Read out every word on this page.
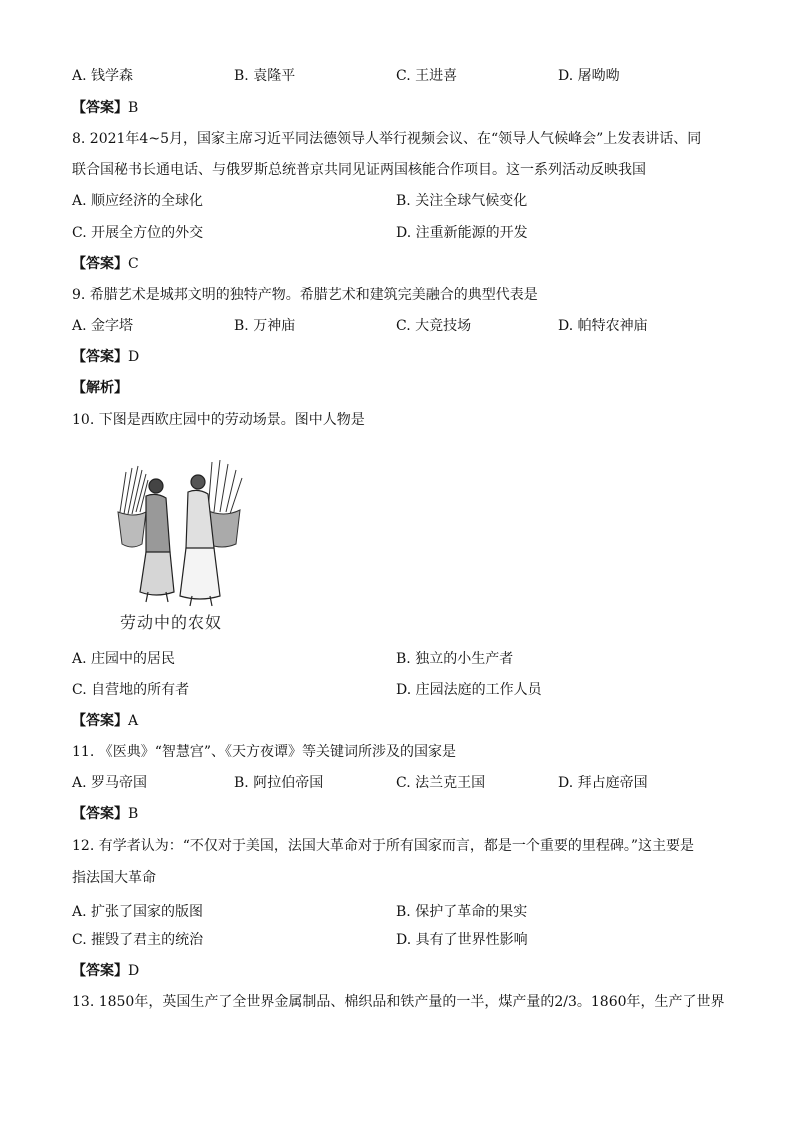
A. 钱学森	B. 袁隆平	C. 王进喜	D. 屠呦呦
【答案】B
8. 2021年4~5月，国家主席习近平同法德领导人举行视频会议、在“领导人气候峰会”上发表讲话、同
联合国秘书长通电话、与俄罗斯总统普京共同见证两国核能合作项目。这一系列活动反映我国
A. 顺应经济的全球化	B. 关注全球气候变化
C. 开展全方位的外交	D. 注重新能源的开发
【答案】C
9. 希腊艺术是城邦文明的独特产物。希腊艺术和建筑完美融合的典型代表是
A. 金字塔	B. 万神庙	C. 大竞技场	D. 帕特农神庙
【答案】D
【解析】
10. 下图是西欧庄园中的劳动场景。图中人物是
劳动中的农奴
A. 庄园中的居民	B. 独立的小生产者
C. 自营地的所有者	D. 庄园法庭的工作人员
【答案】A
11. 《医典》“智慧宫”、《天方夜谭》等关键词所涉及的国家是
A. 罗马帝国	B. 阿拉伯帝国	C. 法兰克王国	D. 拜占庭帝国
【答案】B
12. 有学者认为：“不仅对于美国，法国大革命对于所有国家而言，都是一个重要的里程碑。”这主要是
指法国大革命
A. 扩张了国家的版图	B. 保护了革命的果实
C. 摧毁了君主的统治	D. 具有了世界性影响
【答案】D
13. 1850年，英国生产了全世界金属制品、棉织品和铁产量的一半，煤产量的2/3。1860年，生产了世界
